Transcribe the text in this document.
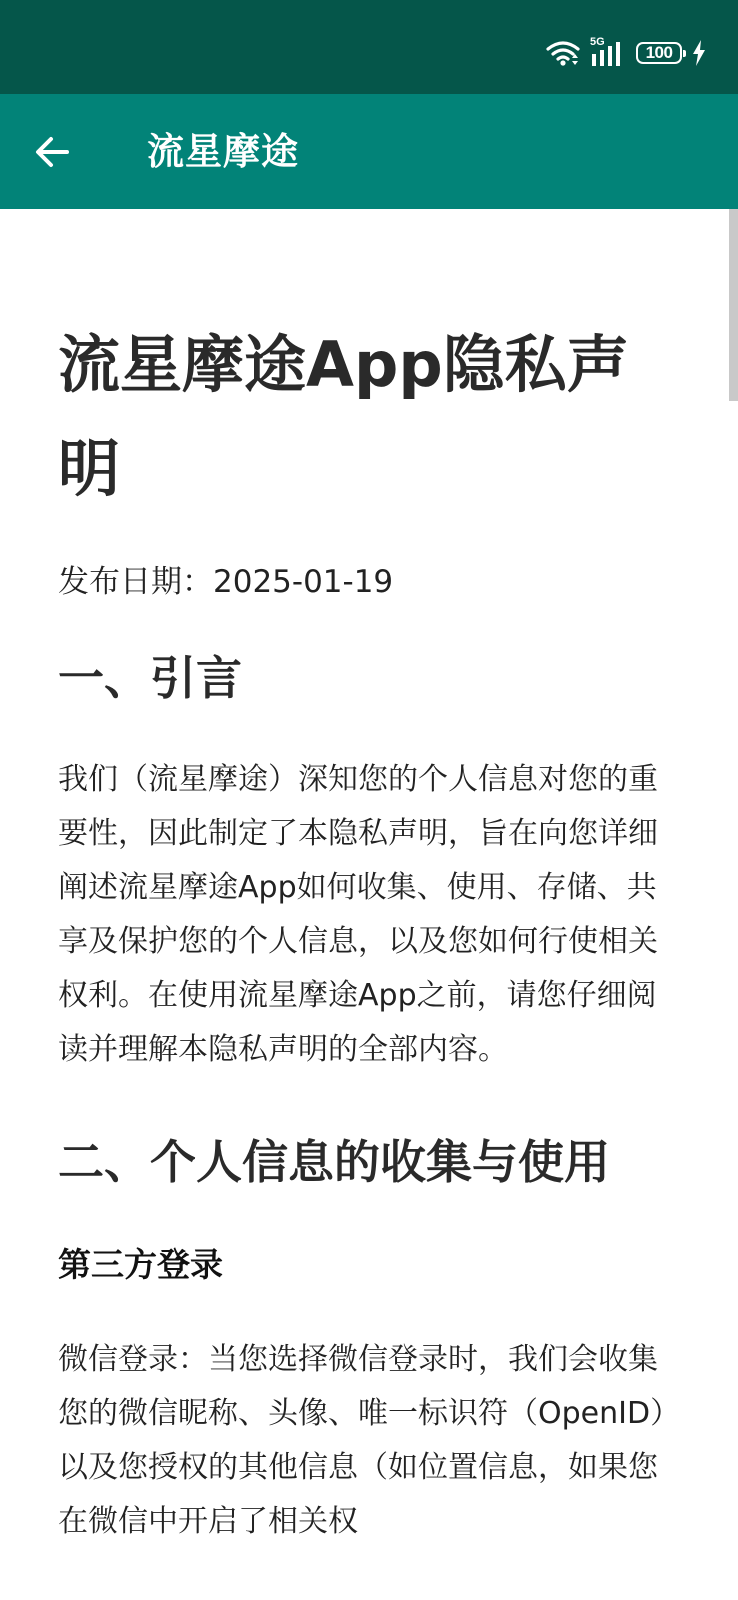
5G
100
流星摩途
流星摩途App隐私声明
发布日期：2025-01-19
一、引言
我们（流星摩途）深知您的个人信息对您的重要性，因此制定了本隐私声明，旨在向您详细阐述流星摩途App如何收集、使用、存储、共享及保护您的个人信息，以及您如何行使相关权利。在使用流星摩途App之前，请您仔细阅读并理解本隐私声明的全部内容。
二、个人信息的收集与使用
第三方登录
微信登录：当您选择微信登录时，我们会收集您的微信昵称、头像、唯一标识符（OpenID）以及您授权的其他信息（如位置信息，如果您在微信中开启了相关权
